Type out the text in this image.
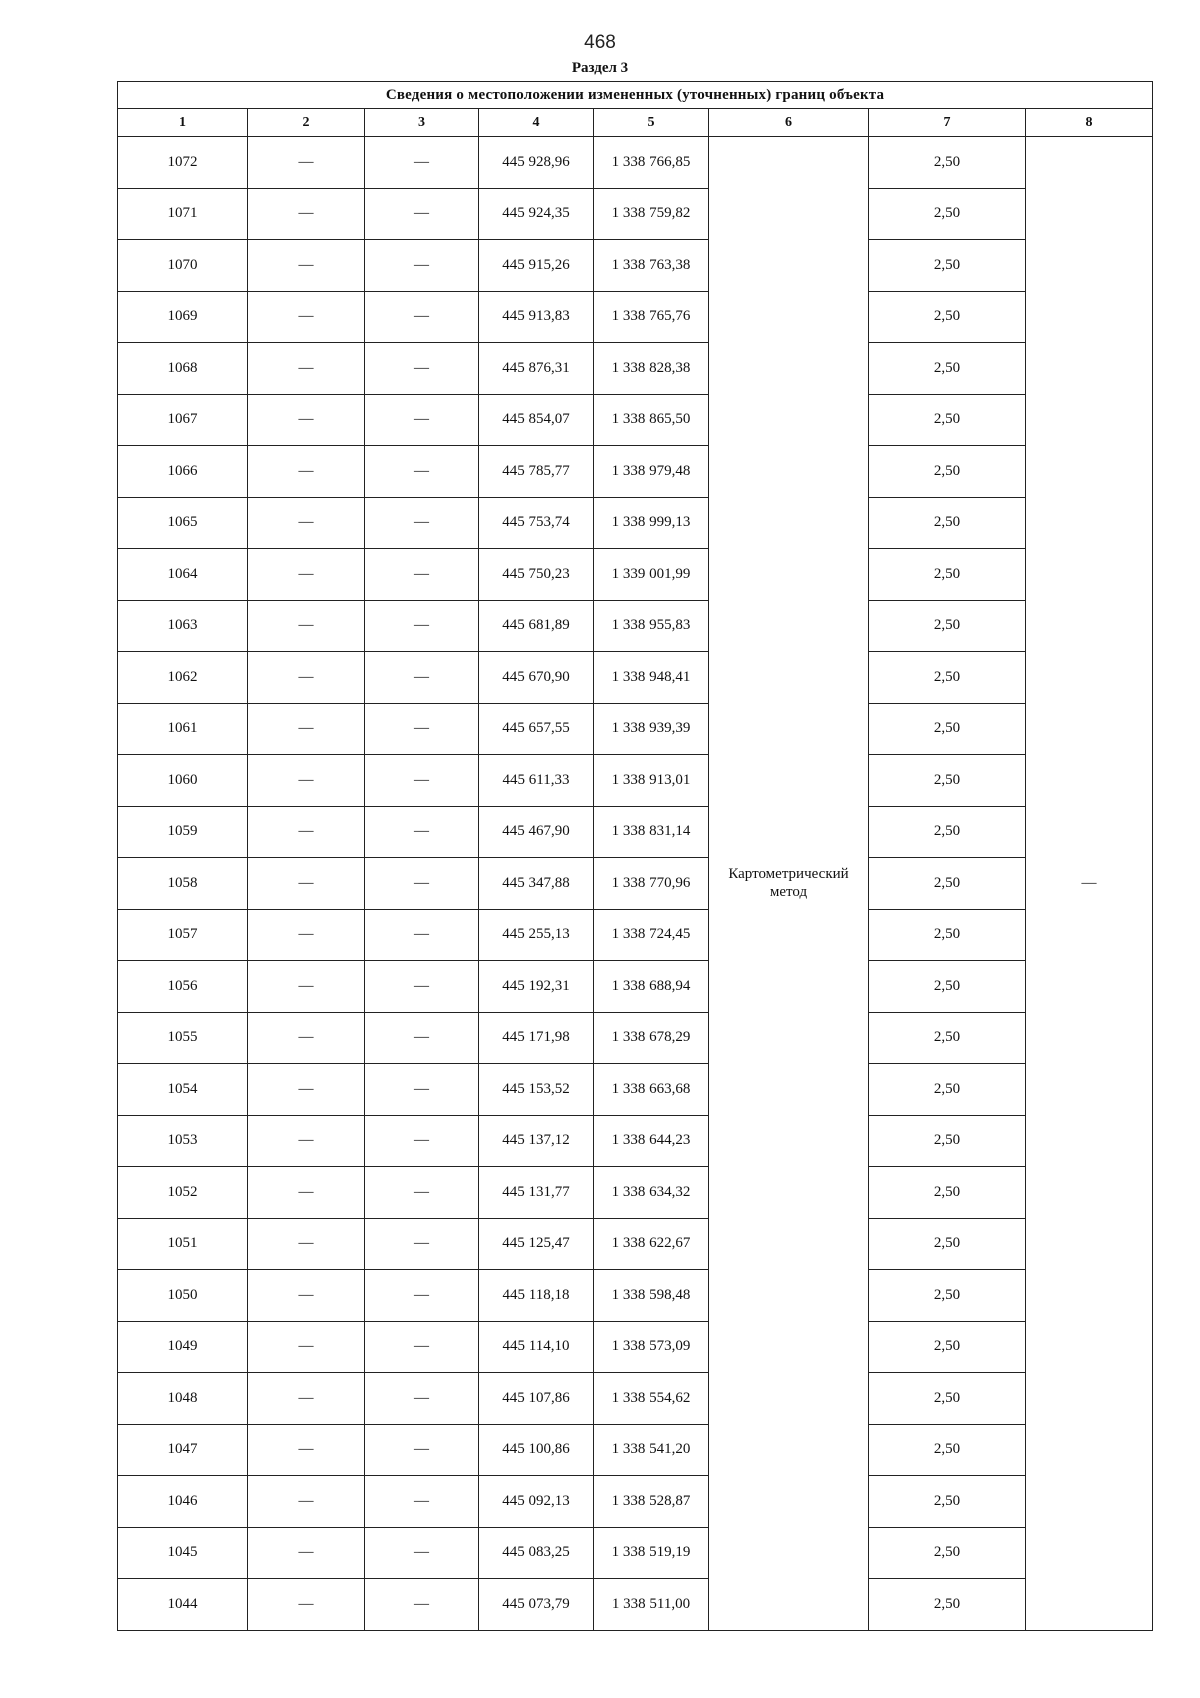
468
Раздел 3
Сведения о местоположении измененных (уточненных) границ объекта							
1	2	3	4	5	6	7	8
1072	—	—	445 928,96	1 338 766,85	Картометрический метод	2,50	—
1071	—	—	445 924,35	1 338 759,82		2,50	
1070	—	—	445 915,26	1 338 763,38		2,50	
1069	—	—	445 913,83	1 338 765,76		2,50	
1068	—	—	445 876,31	1 338 828,38		2,50	
1067	—	—	445 854,07	1 338 865,50		2,50	
1066	—	—	445 785,77	1 338 979,48		2,50	
1065	—	—	445 753,74	1 338 999,13		2,50	
1064	—	—	445 750,23	1 339 001,99		2,50	
1063	—	—	445 681,89	1 338 955,83		2,50	
1062	—	—	445 670,90	1 338 948,41		2,50	
1061	—	—	445 657,55	1 338 939,39		2,50	
1060	—	—	445 611,33	1 338 913,01		2,50	
1059	—	—	445 467,90	1 338 831,14		2,50	
1058	—	—	445 347,88	1 338 770,96		2,50	
1057	—	—	445 255,13	1 338 724,45		2,50	
1056	—	—	445 192,31	1 338 688,94		2,50	
1055	—	—	445 171,98	1 338 678,29		2,50	
1054	—	—	445 153,52	1 338 663,68		2,50	
1053	—	—	445 137,12	1 338 644,23		2,50	
1052	—	—	445 131,77	1 338 634,32		2,50	
1051	—	—	445 125,47	1 338 622,67		2,50	
1050	—	—	445 118,18	1 338 598,48		2,50	
1049	—	—	445 114,10	1 338 573,09		2,50	
1048	—	—	445 107,86	1 338 554,62		2,50	
1047	—	—	445 100,86	1 338 541,20		2,50	
1046	—	—	445 092,13	1 338 528,87		2,50	
1045	—	—	445 083,25	1 338 519,19		2,50	
1044	—	—	445 073,79	1 338 511,00		2,50	
